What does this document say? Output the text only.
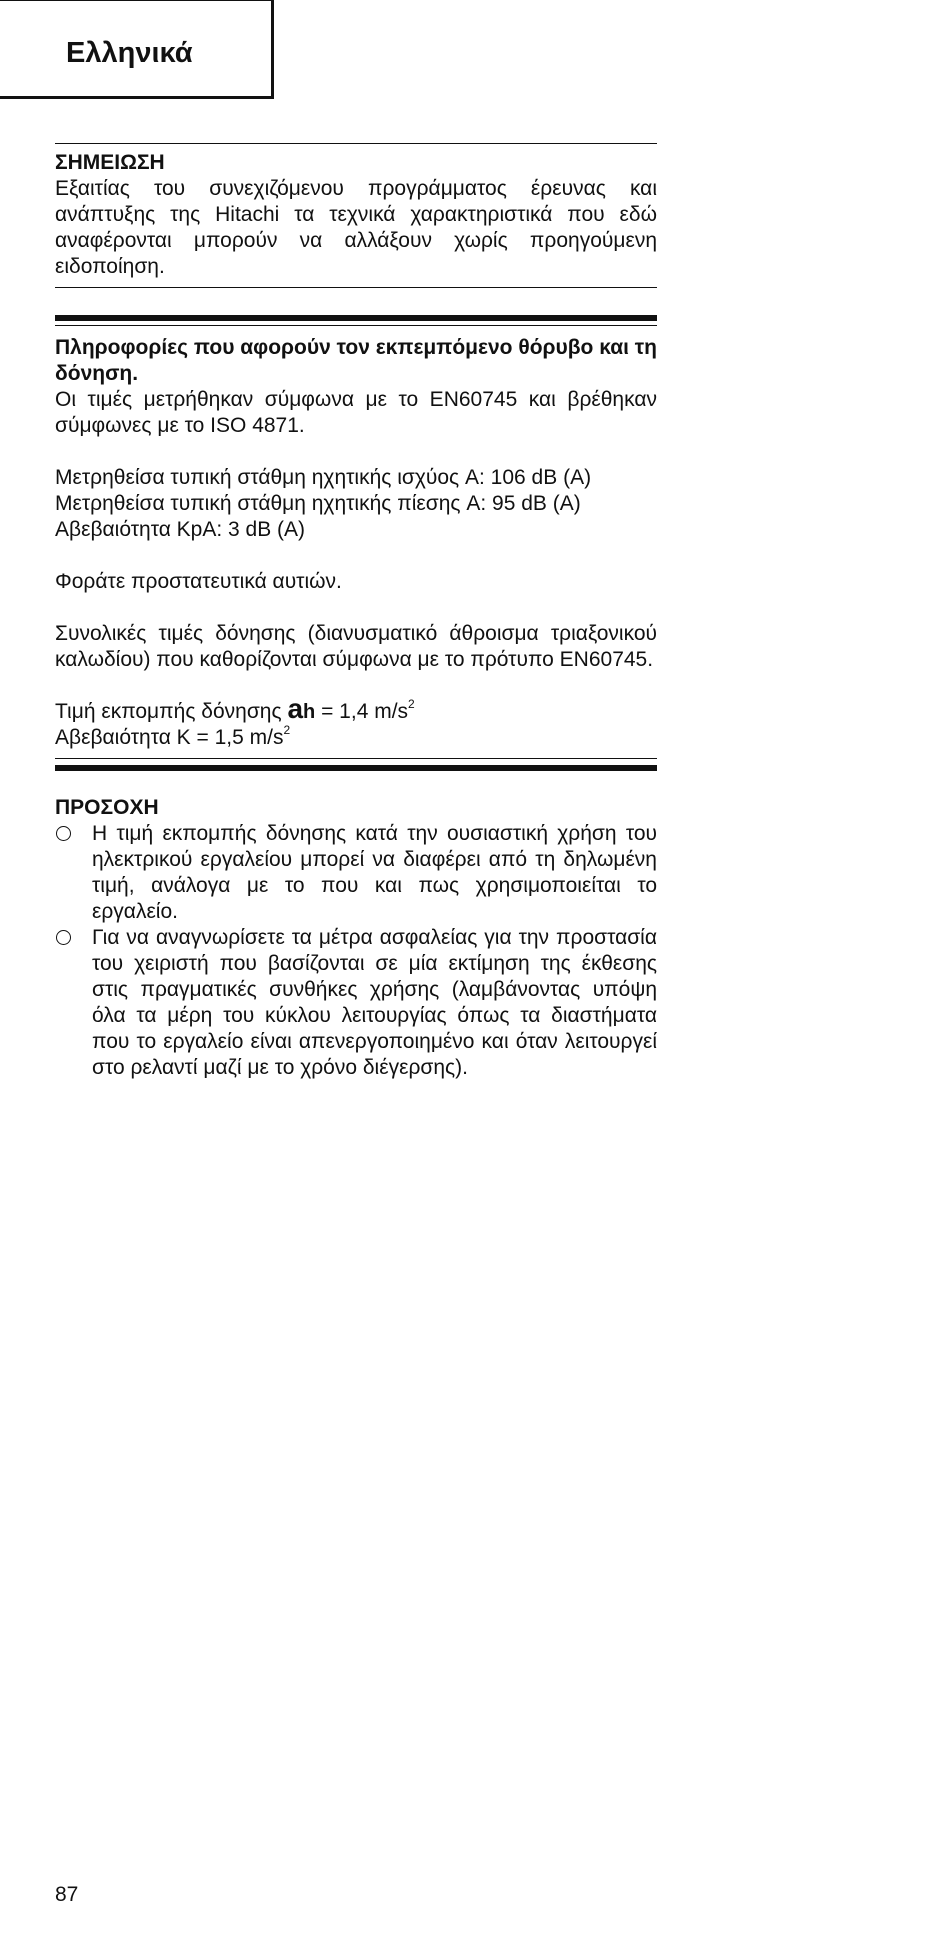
Ελληνικά

ΣΗΜΕΙΩΣΗ

Εξαιτίας του συνεχιζόμενου προγράμματος έρευνας και ανάπτυξης της Hitachi τα τεχνικά χαρακτηριστικά που εδώ αναφέρονται μπορούν να αλλάξουν χωρίς προηγούμενη ειδοποίηση.

Πληροφορίες που αφορούν τον εκπεμπόμενο θόρυβο και τη δόνηση.

Οι τιμές μετρήθηκαν σύμφωνα με το EN60745 και βρέθηκαν σύμφωνες με το ISO 4871.

Μετρηθείσα τυπική στάθμη ηχητικής ισχύος A: 106 dB (A)

Μετρηθείσα τυπική στάθμη ηχητικής πίεσης A: 95 dB (A)

Αβεβαιότητα KpA: 3 dB (A)

Φοράτε προστατευτικά αυτιών.

Συνολικές τιμές δόνησης (διανυσματικό άθροισμα τριαξονικού καλωδίου) που καθορίζονται σύμφωνα με το πρότυπο EN60745.

Τιμή εκπομπής δόνησης ah = 1,4 $m/s^2$

Αβεβαιότητα K = 1,5 $m/s^2$

ΠΡΟΣΟΧΗ

Η τιμή εκπομπής δόνησης κατά την ουσιαστική χρήση του ηλεκτρικού εργαλείου μπορεί να διαφέρει από τη δηλωμένη τιμή, ανάλογα με το που και πως χρησιμοποιείται το εργαλείο.

Για να αναγνωρίσετε τα μέτρα ασφαλείας για την προστασία του χειριστή που βασίζονται σε μία εκτίμηση της έκθεσης στις πραγματικές συνθήκες χρήσης (λαμβάνοντας υπόψη όλα τα μέρη του κύκλου λειτουργίας όπως τα διαστήματα που το εργαλείο είναι απενεργοποιημένο και όταν λειτουργεί στο ρελαντί μαζί με το χρόνο διέγερσης).

87
